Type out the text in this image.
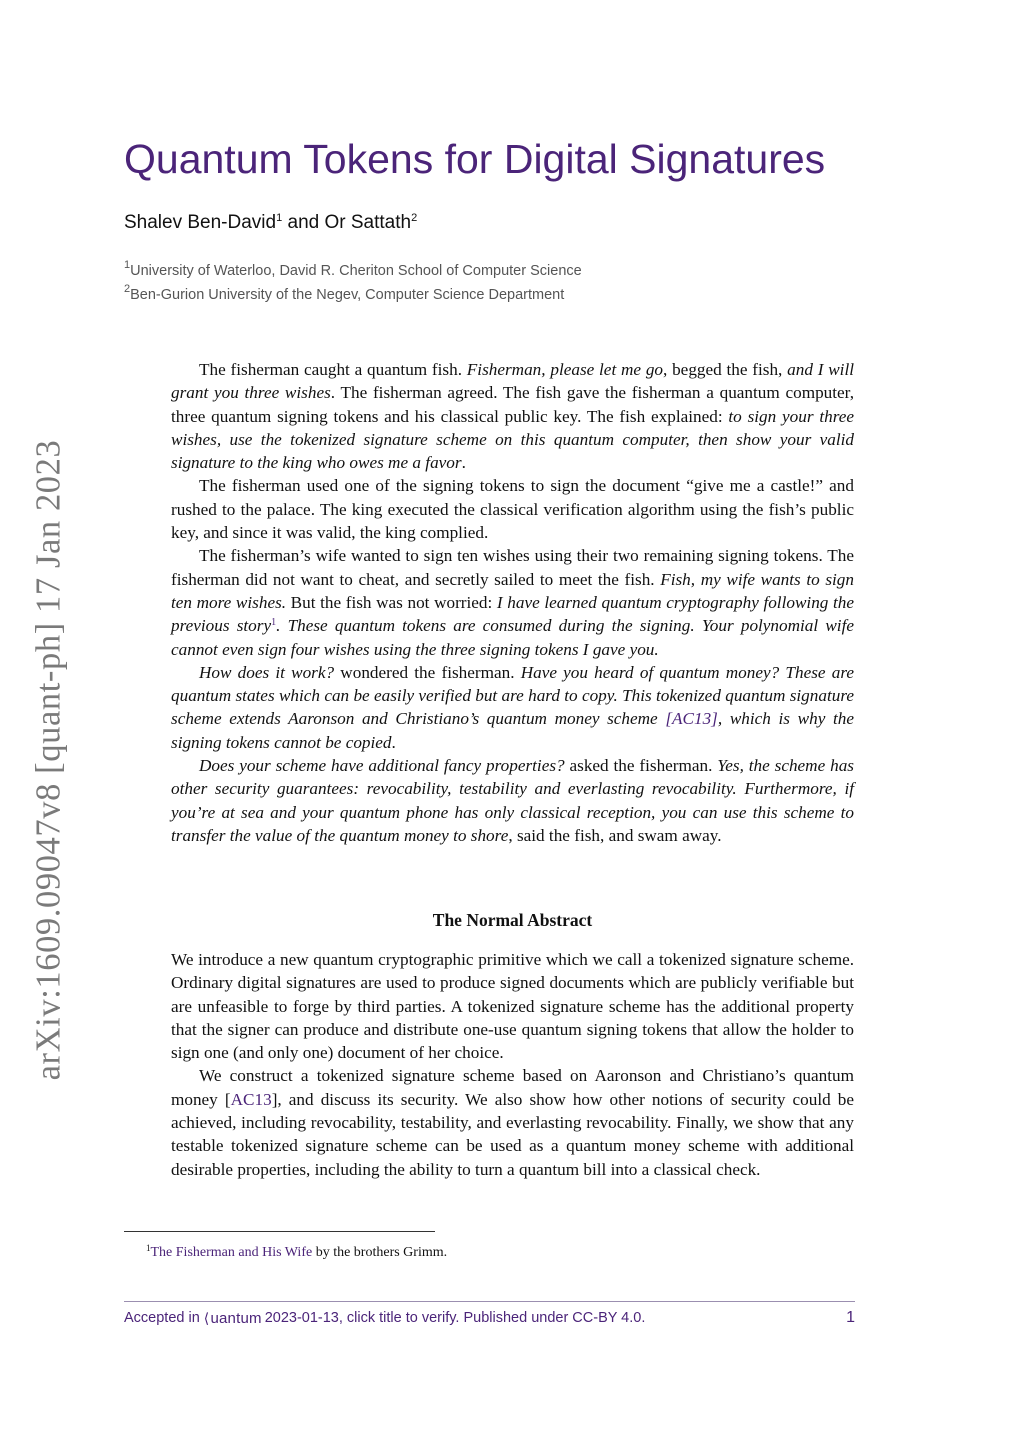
arXiv:1609.09047v8 [quant-ph] 17 Jan 2023
Quantum Tokens for Digital Signatures
Shalev Ben-David$^1$ and Or Sattath$^2$
$^1$University of Waterloo, David R. Cheriton School of Computer Science
$^2$Ben-Gurion University of the Negev, Computer Science Department

The fisherman caught a quantum fish. Fisherman, please let me go, begged the fish, and I will grant you three wishes. The fisherman agreed. The fish gave the fisherman a quantum computer, three quantum signing tokens and his classical public key. The fish explained: to sign your three wishes, use the tokenized signature scheme on this quantum computer, then show your valid signature to the king who owes me a favor.

The fisherman used one of the signing tokens to sign the document “give me a castle!” and rushed to the palace. The king executed the classical verification algorithm using the fish’s public key, and since it was valid, the king complied.

The fisherman’s wife wanted to sign ten wishes using their two remaining signing tokens. The fisherman did not want to cheat, and secretly sailed to meet the fish. Fish, my wife wants to sign ten more wishes. But the fish was not worried: I have learned quantum cryptography following the previous story$^1$. These quantum tokens are consumed during the signing. Your polynomial wife cannot even sign four wishes using the three signing tokens I gave you.

How does it work? wondered the fisherman. Have you heard of quantum money? These are quantum states which can be easily verified but are hard to copy. This tokenized quantum signature scheme extends Aaronson and Christiano’s quantum money scheme [AC13], which is why the signing tokens cannot be copied.

Does your scheme have additional fancy properties? asked the fisherman. Yes, the scheme has other security guarantees: revocability, testability and everlasting revocability. Furthermore, if you’re at sea and your quantum phone has only classical reception, you can use this scheme to transfer the value of the quantum money to shore, said the fish, and swam away.

The Normal Abstract

We introduce a new quantum cryptographic primitive which we call a tokenized signature scheme. Ordinary digital signatures are used to produce signed documents which are publicly verifiable but are unfeasible to forge by third parties. A tokenized signature scheme has the additional property that the signer can produce and distribute one-use quantum signing tokens that allow the holder to sign one (and only one) document of her choice.

We construct a tokenized signature scheme based on Aaronson and Christiano’s quantum money [AC13], and discuss its security. We also show how other notions of security could be achieved, including revocability, testability, and everlasting revocability. Finally, we show that any testable tokenized signature scheme can be used as a quantum money scheme with additional desirable properties, including the ability to turn a quantum bill into a classical check.

$^1$The Fisherman and His Wife by the brothers Grimm.
Accepted in ⟨uantum 2023-01-13, click title to verify. Published under CC-BY 4.0.	1
